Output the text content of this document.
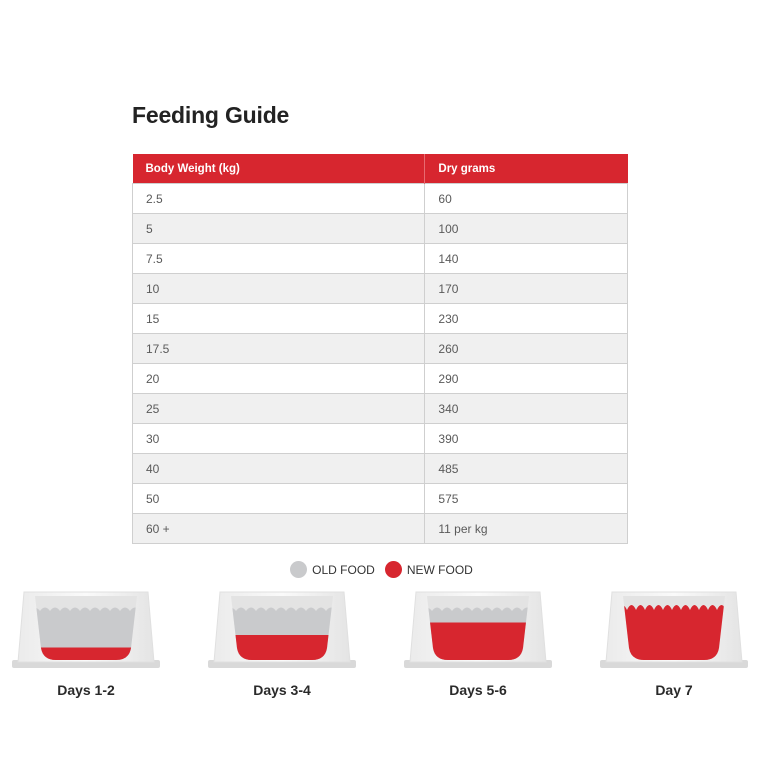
Feeding Guide
Body Weight (kg)	Dry grams
2.5	60
5	100
7.5	140
10	170
15	230
17.5	260
20	290
25	340
30	390
40	485
50	575
60 +	11 per kg
OLD FOOD	NEW FOOD
Days 1-2	Days 3-4	Days 5-6	Day 7
